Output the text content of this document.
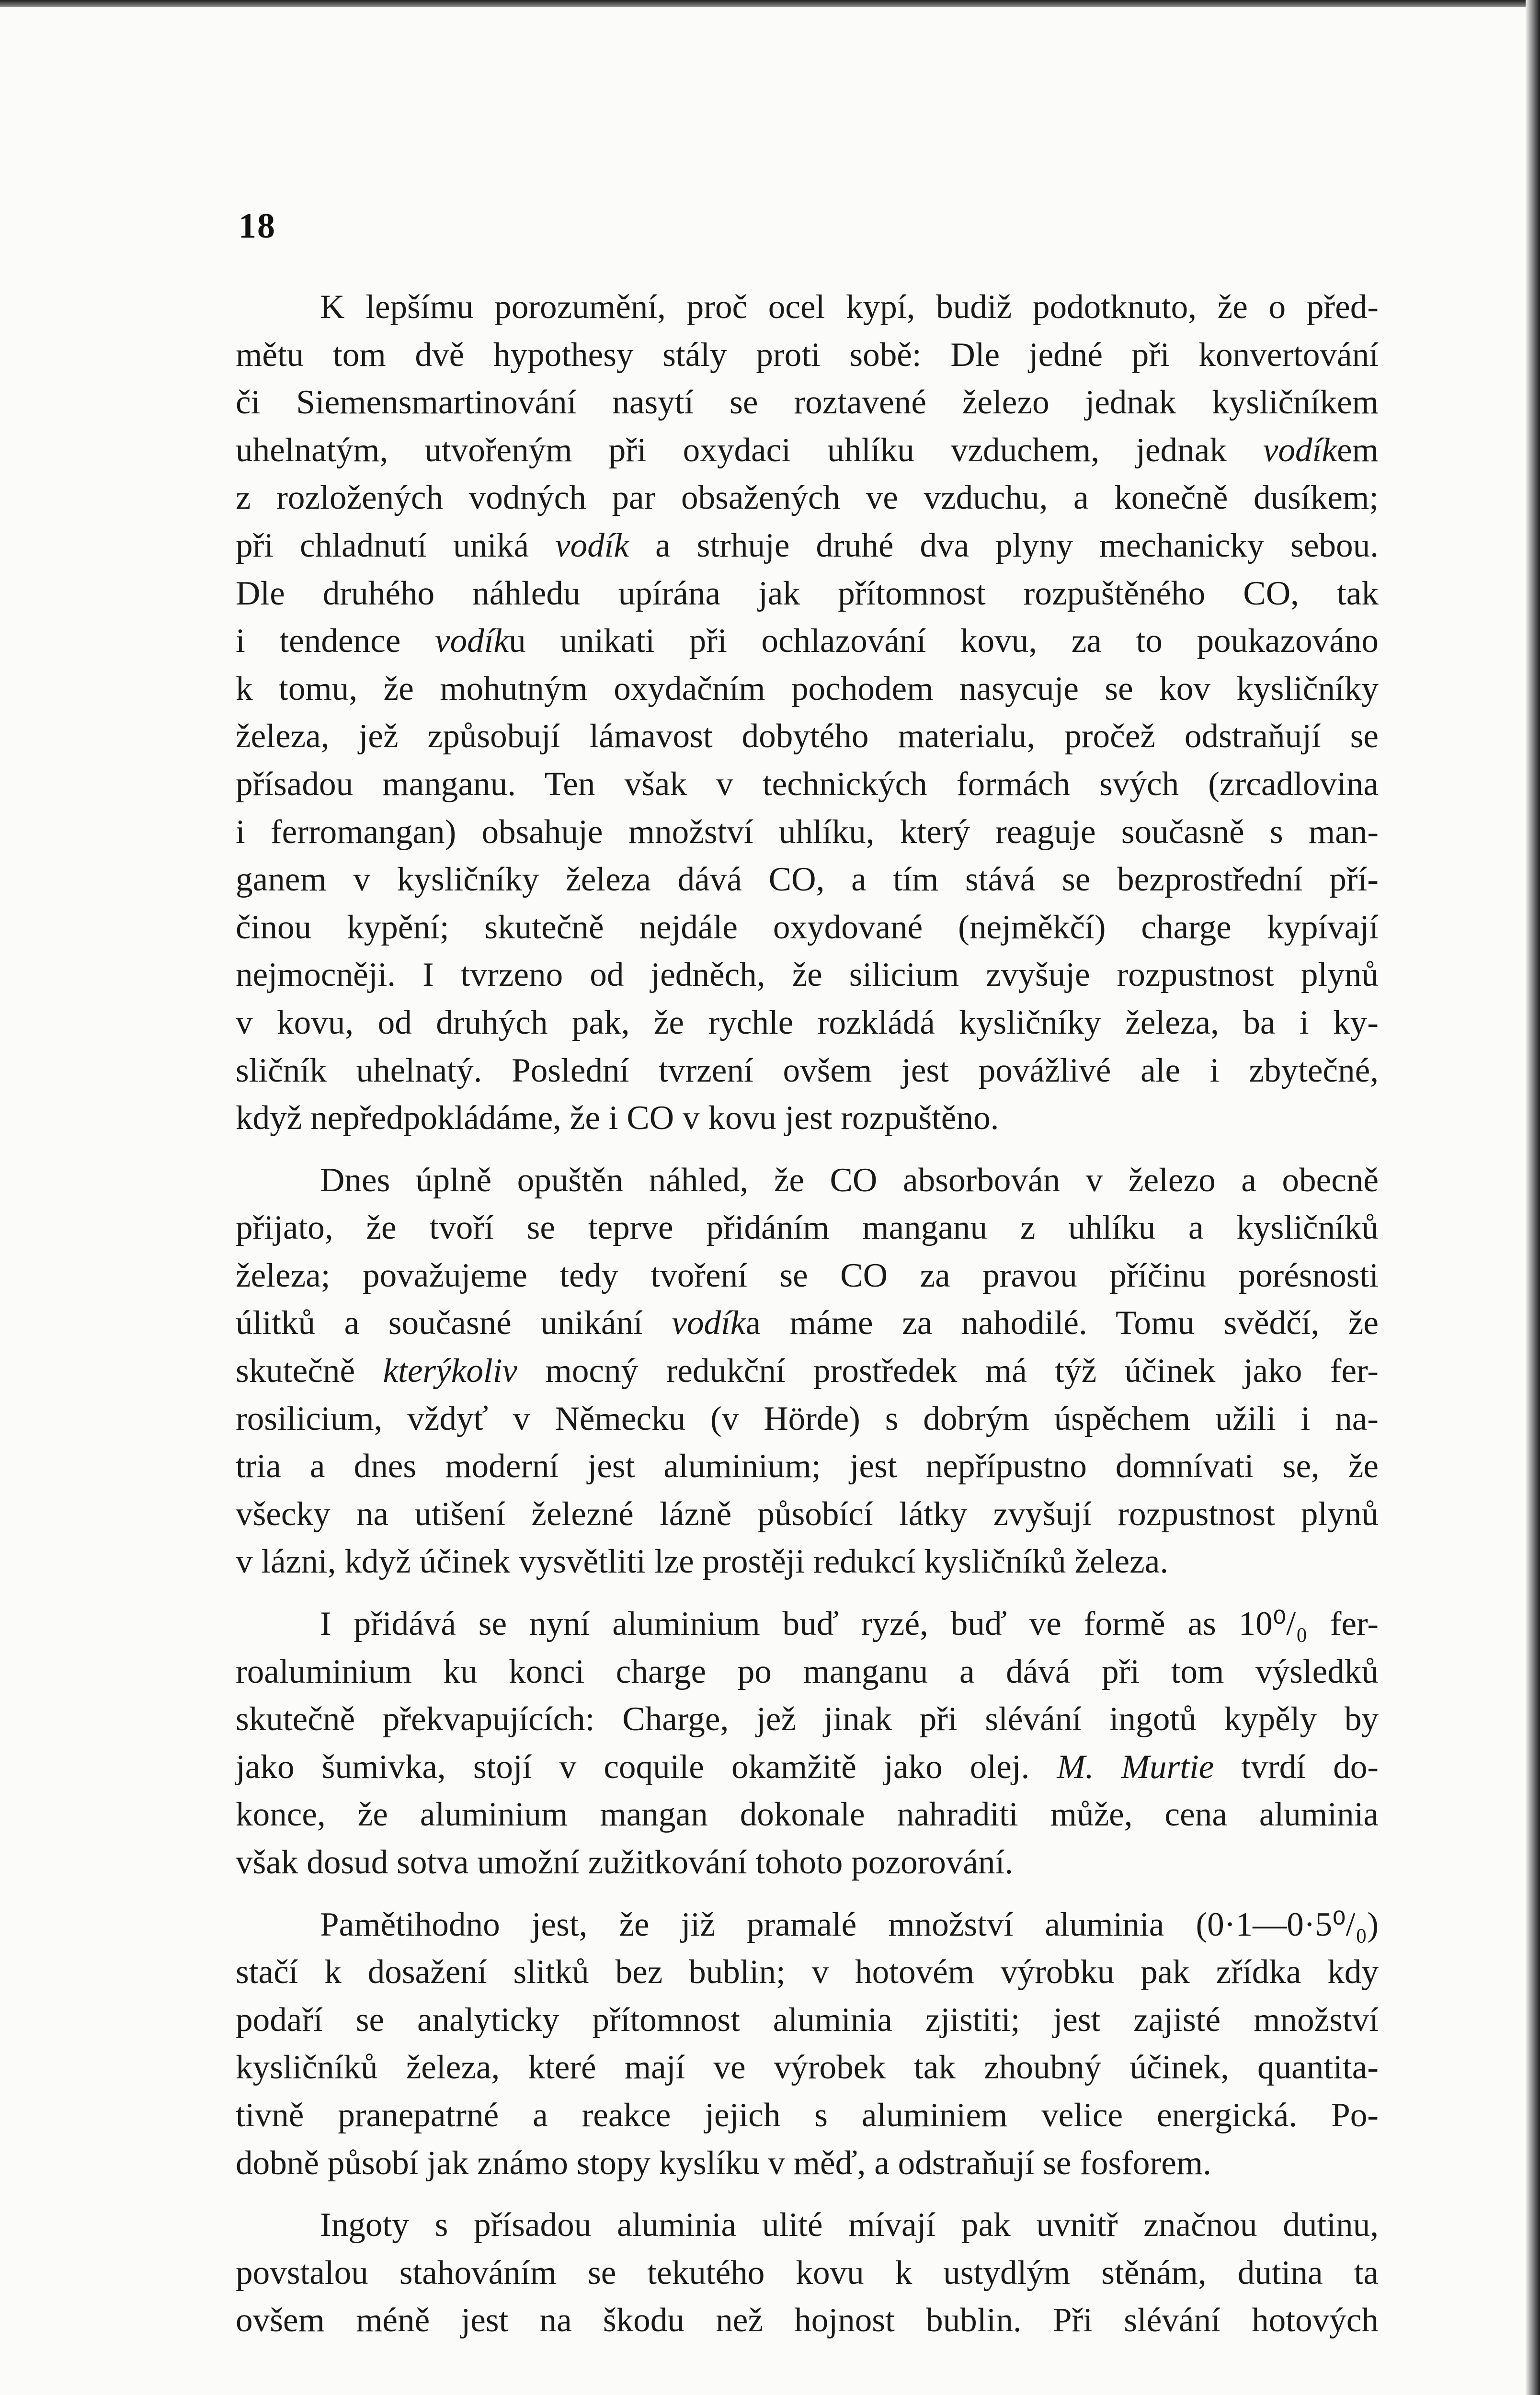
18
K lepšímu porozumění, proč ocel kypí, budiž podotknuto, že o před-
mětu tom dvě hypothesy stály proti sobě: Dle jedné při konvertování
či Siemensmartinování nasytí se roztavené železo jednak kysličníkem
uhelnatým, utvořeným při oxydaci uhlíku vzduchem, jednak vodíkem
z rozložených vodných par obsažených ve vzduchu, a konečně dusíkem;
při chladnutí uniká vodík a strhuje druhé dva plyny mechanicky sebou.
Dle druhého náhledu upírána jak přítomnost rozpuštěného CO, tak
i tendence vodíku unikati při ochlazování kovu, za to poukazováno
k tomu, že mohutným oxydačním pochodem nasycuje se kov kysličníky
železa, jež způsobují lámavost dobytého materialu, pročež odstraňují se
přísadou manganu. Ten však v technických formách svých (zrcadlovina
i ferromangan) obsahuje množství uhlíku, který reaguje současně s man-
ganem v kysličníky železa dává CO, a tím stává se bezprostřední pří-
činou kypění; skutečně nejdále oxydované (nejměkčí) charge kypívají
nejmocněji. I tvrzeno od jedněch, že silicium zvyšuje rozpustnost plynů
v kovu, od druhých pak, že rychle rozkládá kysličníky železa, ba i ky-
sličník uhelnatý. Poslední tvrzení ovšem jest povážlivé ale i zbytečné,
když nepředpokládáme, že i CO v kovu jest rozpuštěno.
Dnes úplně opuštěn náhled, že CO absorbován v železo a obecně
přijato, že tvoří se teprve přidáním manganu z uhlíku a kysličníků
železa; považujeme tedy tvoření se CO za pravou příčinu porésnosti
úlitků a současné unikání vodíka máme za nahodilé. Tomu svědčí, že
skutečně kterýkoliv mocný redukční prostředek má týž účinek jako fer-
rosilicium, vždyť v Německu (v Hörde) s dobrým úspěchem užili i na-
tria a dnes moderní jest aluminium; jest nepřípustno domnívati se, že
všecky na utišení železné lázně působící látky zvyšují rozpustnost plynů
v lázni, když účinek vysvětliti lze prostěji redukcí kysličníků železa.
I přidává se nyní aluminium buď ryzé, buď ve formě as 10⁰/₀ fer-
roaluminium ku konci charge po manganu a dává při tom výsledků
skutečně překvapujících: Charge, jež jinak při slévání ingotů kypěly by
jako šumivka, stojí v coquile okamžitě jako olej. M. Murtie tvrdí do-
konce, že aluminium mangan dokonale nahraditi může, cena aluminia
však dosud sotva umožní zužitkování tohoto pozorování.
Pamětihodno jest, že již pramalé množství aluminia (0·1—0·5⁰/₀)
stačí k dosažení slitků bez bublin; v hotovém výrobku pak zřídka kdy
podaří se analyticky přítomnost aluminia zjistiti; jest zajisté množství
kysličníků železa, které mají ve výrobek tak zhoubný účinek, quantita-
tivně pranepatrné a reakce jejich s aluminiem velice energická. Po-
dobně působí jak známo stopy kyslíku v měď, a odstraňují se fosforem.
Ingoty s přísadou aluminia ulité mívají pak uvnitř značnou dutinu,
povstalou stahováním se tekutého kovu k ustydlým stěnám, dutina ta
ovšem méně jest na škodu než hojnost bublin. Při slévání hotových
